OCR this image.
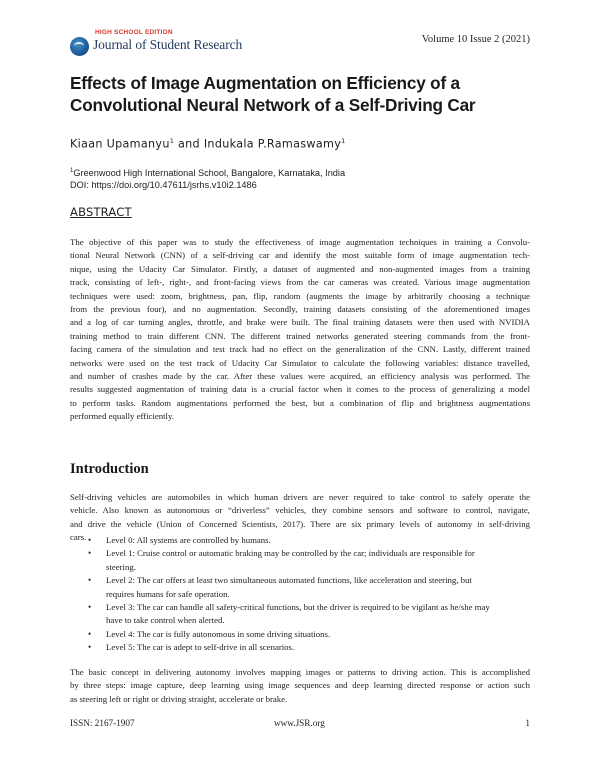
HIGH SCHOOL EDITION
Journal of Student Research	Volume 10 Issue 2 (2021)
Effects of Image Augmentation on Efficiency of a
Convolutional Neural Network of a Self-Driving Car
Kiaan Upamanyu$^1$ and Indukala P.Ramaswamy$^1$
$^1$Greenwood High International School, Bangalore, Karnataka, India
DOI: https://doi.org/10.47611/jsrhs.v10i2.1486
ABSTRACT
The objective of this paper was to study the effectiveness of image augmentation techniques in training a Convolu-
tional Neural Network (CNN) of a self-driving car and identify the most suitable form of image augmentation tech-
nique, using the Udacity Car Simulator. Firstly, a dataset of augmented and non-augmented images from a training
track, consisting of left-, right-, and front-facing views from the car cameras was created. Various image augmentation
techniques were used: zoom, brightness, pan, flip, random (augments the image by arbitrarily choosing a technique
from the previous four), and no augmentation. Secondly, training datasets consisting of the aforementioned images
and a log of car turning angles, throttle, and brake were built. The final training datasets were then used with NVIDIA
training method to train different CNN. The different trained networks generated steering commands from the front-
facing camera of the simulation and test track had no effect on the generalization of the CNN. Lastly, different trained
networks were used on the test track of Udacity Car Simulator to calculate the following variables: distance travelled,
and number of crashes made by the car. After these values were acquired, an efficiency analysis was performed. The
results suggested augmentation of training data is a crucial factor when it comes to the process of generalizing a model
to perform tasks. Random augmentations performed the best, but a combination of flip and brightness augmentations
performed equally efficiently.
Introduction
Self-driving vehicles are automobiles in which human drivers are never required to take control to safely operate the
vehicle. Also known as autonomous or “driverless” vehicles, they combine sensors and software to control, navigate,
and drive the vehicle (Union of Concerned Scientists, 2017). There are six primary levels of autonomy in self-driving
cars. • Level 0: All systems are controlled by humans.
• Level 1: Cruise control or automatic braking may be controlled by the car; individuals are responsible for
steering.
• Level 2: The car offers at least two simultaneous automated functions, like acceleration and steering, but
requires humans for safe operation.
• Level 3: The car can handle all safety-critical functions, but the driver is required to be vigilant as he/she may
have to take control when alerted.
• Level 4: The car is fully autonomous in some driving situations.
• Level 5: The car is adept to self-drive in all scenarios.
The basic concept in delivering autonomy involves mapping images or patterns to driving action. This is accomplished
by three steps: image capture, deep learning using image sequences and deep learning directed response or action such
as steering left or right or driving straight, accelerate or brake.
ISSN: 2167-1907	www.JSR.org	1
